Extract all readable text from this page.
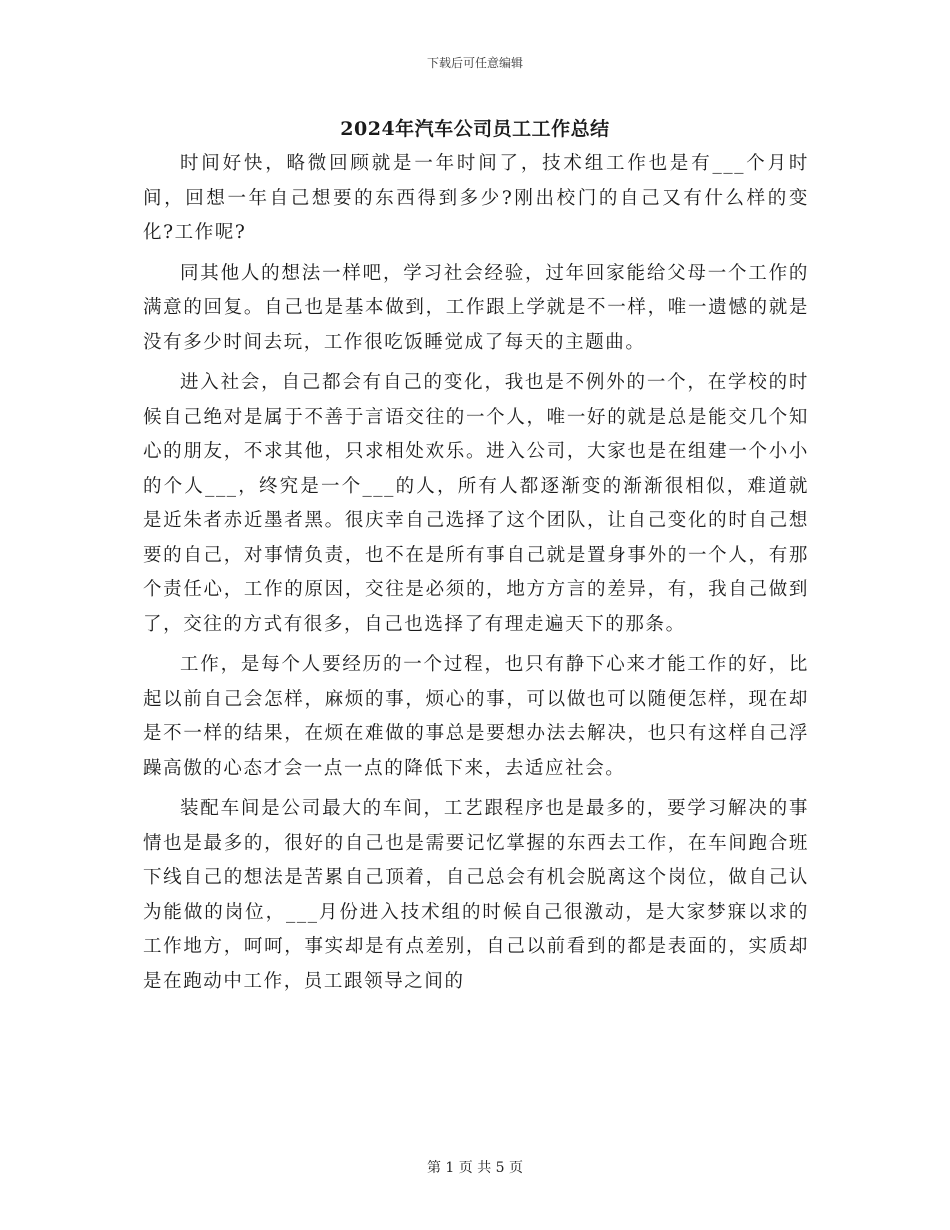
下载后可任意编辑
2024年汽车公司员工工作总结

时间好快，略微回顾就是一年时间了，技术组工作也是有___个月时间，回想一年自己想要的东西得到多少?刚出校门的自己又有什么样的变化?工作呢?

同其他人的想法一样吧，学习社会经验，过年回家能给父母一个工作的满意的回复。自己也是基本做到，工作跟上学就是不一样，唯一遗憾的就是没有多少时间去玩，工作很吃饭睡觉成了每天的主题曲。

进入社会，自己都会有自己的变化，我也是不例外的一个，在学校的时候自己绝对是属于不善于言语交往的一个人，唯一好的就是总是能交几个知心的朋友，不求其他，只求相处欢乐。进入公司，大家也是在组建一个小小的个人___，终究是一个___的人，所有人都逐渐变的渐渐很相似，难道就是近朱者赤近墨者黑。很庆幸自己选择了这个团队，让自己变化的时自己想要的自己，对事情负责，也不在是所有事自己就是置身事外的一个人，有那个责任心，工作的原因，交往是必须的，地方方言的差异，有，我自己做到了，交往的方式有很多，自己也选择了有理走遍天下的那条。

工作，是每个人要经历的一个过程，也只有静下心来才能工作的好，比起以前自己会怎样，麻烦的事，烦心的事，可以做也可以随便怎样，现在却是不一样的结果，在烦在难做的事总是要想办法去解决，也只有这样自己浮躁高傲的心态才会一点一点的降低下来，去适应社会。

装配车间是公司最大的车间，工艺跟程序也是最多的，要学习解决的事情也是最多的，很好的自己也是需要记忆掌握的东西去工作，在车间跑合班下线自己的想法是苦累自己顶着，自己总会有机会脱离这个岗位，做自己认为能做的岗位，___月份进入技术组的时候自己很激动，是大家梦寐以求的工作地方，呵呵，事实却是有点差别，自己以前看到的都是表面的，实质却是在跑动中工作，员工跟领导之间的

第 1 页 共 5 页
